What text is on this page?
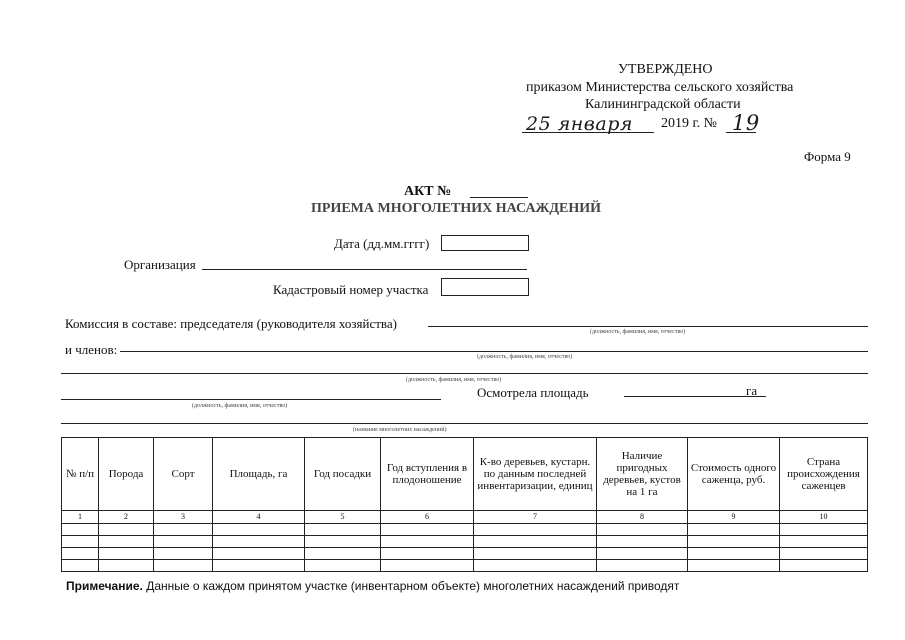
УТВЕРЖДЕНО
приказом Министерства сельского хозяйства
Калининградской области
25 января 2019 г. № 19
Форма 9
АКТ №
ПРИЕМА МНОГОЛЕТНИХ НАСАЖДЕНИЙ
Дата (дд.мм.гггг)
Организация
Кадастровый номер участка
Комиссия в составе: председателя (руководителя хозяйства)
(должность, фамилия, имя, отчество)
и членов:	(должность, фамилия, имя, отчество)
(должность, фамилия, имя, отчество)
(должность, фамилия, имя, отчество)
Осмотрела площадь	га
(название многолетних насаждений)
№ п/п	Порода	Сорт	Площадь, га	Год посадки	Год вступления в плодоношение	К-во деревьев, кустарн. по данным последней инвентаризации, единиц	Наличие пригодных деревьев, кустов на 1 га	Стоимость одного саженца, руб.	Страна происхождения саженцев
1	2	3	4	5	6	7	8	9	10

Примечание. Данные о каждом принятом участке (инвентарном объекте) многолетних насаждений приводят
